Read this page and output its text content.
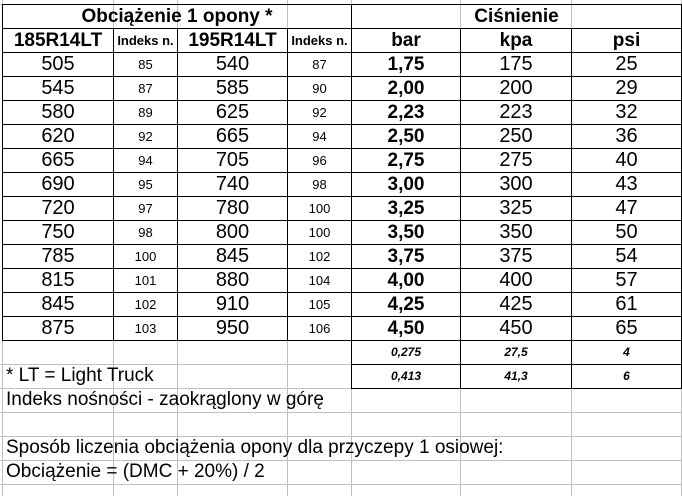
Obciążenie 1 opony *				Ciśnienie		
185R14LT	Indeks n.	195R14LT	Indeks n.	bar	kpa	psi
505	85	540	87	1,75	175	25
545	87	585	90	2,00	200	29
580	89	625	92	2,23	223	32
620	92	665	94	2,50	250	36
665	94	705	96	2,75	275	40
690	95	740	98	3,00	300	43
720	97	780	100	3,25	325	47
750	98	800	100	3,50	350	50
785	100	845	102	3,75	375	54
815	101	880	104	4,00	400	57
845	102	910	105	4,25	425	61
875	103	950	106	4,50	450	65
				0,275	27,5	4
				0,413	41,3	6
* LT = Light Truck
Indeks nośności - zaokrąglony w górę
Sposób liczenia obciążenia opony dla przyczepy 1 osiowej:
Obciążenie = (DMC + 20%) / 2
